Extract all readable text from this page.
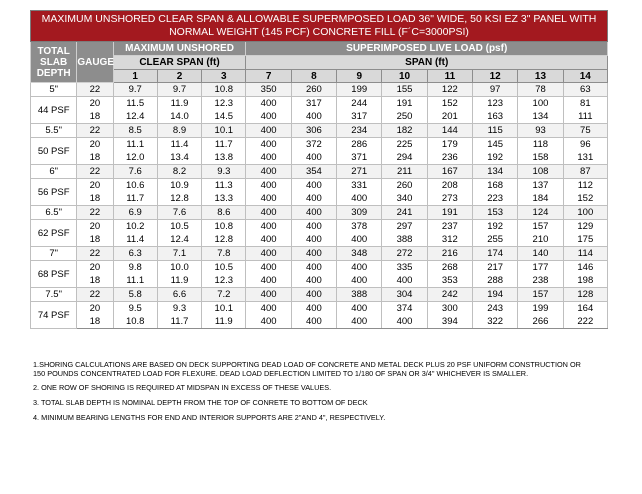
MAXIMUM UNSHORED CLEAR SPAN & ALLOWABLE SUPERMPOSED LOAD 36" WIDE, 50 KSI EZ 3" PANEL WITH
NORMAL WEIGHT (145 PCF) CONCRETE FILL (F´C=3000PSI)												

TOTAL
SLAB
DEPTH	GAUGE	MAXIMUM UNSHORED			SUPERIMPOSED LIVE LOAD (psf)							
		CLEAR SPAN (ft)			SPAN (ft)							
		1	2	3	7	8	9	10	11	12	13	14
5"	22	9.7	9.7	10.8	350	260	199	155	122	97	78	63
44 PSF	20	11.5	11.9	12.3	400	317	244	191	152	123	100	81
	18	12.4	14.0	14.5	400	400	317	250	201	163	134	111
5.5"	22	8.5	8.9	10.1	400	306	234	182	144	115	93	75
50 PSF	20	11.1	11.4	11.7	400	372	286	225	179	145	118	96
	18	12.0	13.4	13.8	400	400	371	294	236	192	158	131
6"	22	7.6	8.2	9.3	400	354	271	211	167	134	108	87
56 PSF	20	10.6	10.9	11.3	400	400	331	260	208	168	137	112
	18	11.7	12.8	13.3	400	400	400	340	273	223	184	152
6.5"	22	6.9	7.6	8.6	400	400	309	241	191	153	124	100
62 PSF	20	10.2	10.5	10.8	400	400	378	297	237	192	157	129
	18	11.4	12.4	12.8	400	400	400	388	312	255	210	175
7"	22	6.3	7.1	7.8	400	400	348	272	216	174	140	114
68 PSF	20	9.8	10.0	10.5	400	400	400	335	268	217	177	146
	18	11.1	11.9	12.3	400	400	400	400	353	288	238	198
7.5"	22	5.8	6.6	7.2	400	400	388	304	242	194	157	128
74 PSF	20	9.5	9.3	10.1	400	400	400	374	300	243	199	164
	18	10.8	11.7	11.9	400	400	400	400	394	322	266	222
1.SHORING CALCULATIONS ARE BASED ON DECK SUPPORTING DEAD LOAD OF CONCRETE AND METAL DECK PLUS 20 PSF UNIFORM CONSTRUCTION OR 150 POUNDS CONCENTRATED LOAD FOR FLEXURE. DEAD LOAD DEFLECTION LIMITED TO 1/180 OF SPAN OR 3/4" WHICHEVER IS SMALLER.
2. ONE ROW OF SHORING IS REQUIRED AT MIDSPAN IN EXCESS OF THESE VALUES.
3. TOTAL SLAB DEPTH IS NOMINAL DEPTH FROM THE TOP OF CONRETE TO BOTTOM OF DECK
4. MINIMUM BEARING LENGTHS FOR END AND INTERIOR SUPPORTS ARE 2"AND 4", RESPECTIVELY.
